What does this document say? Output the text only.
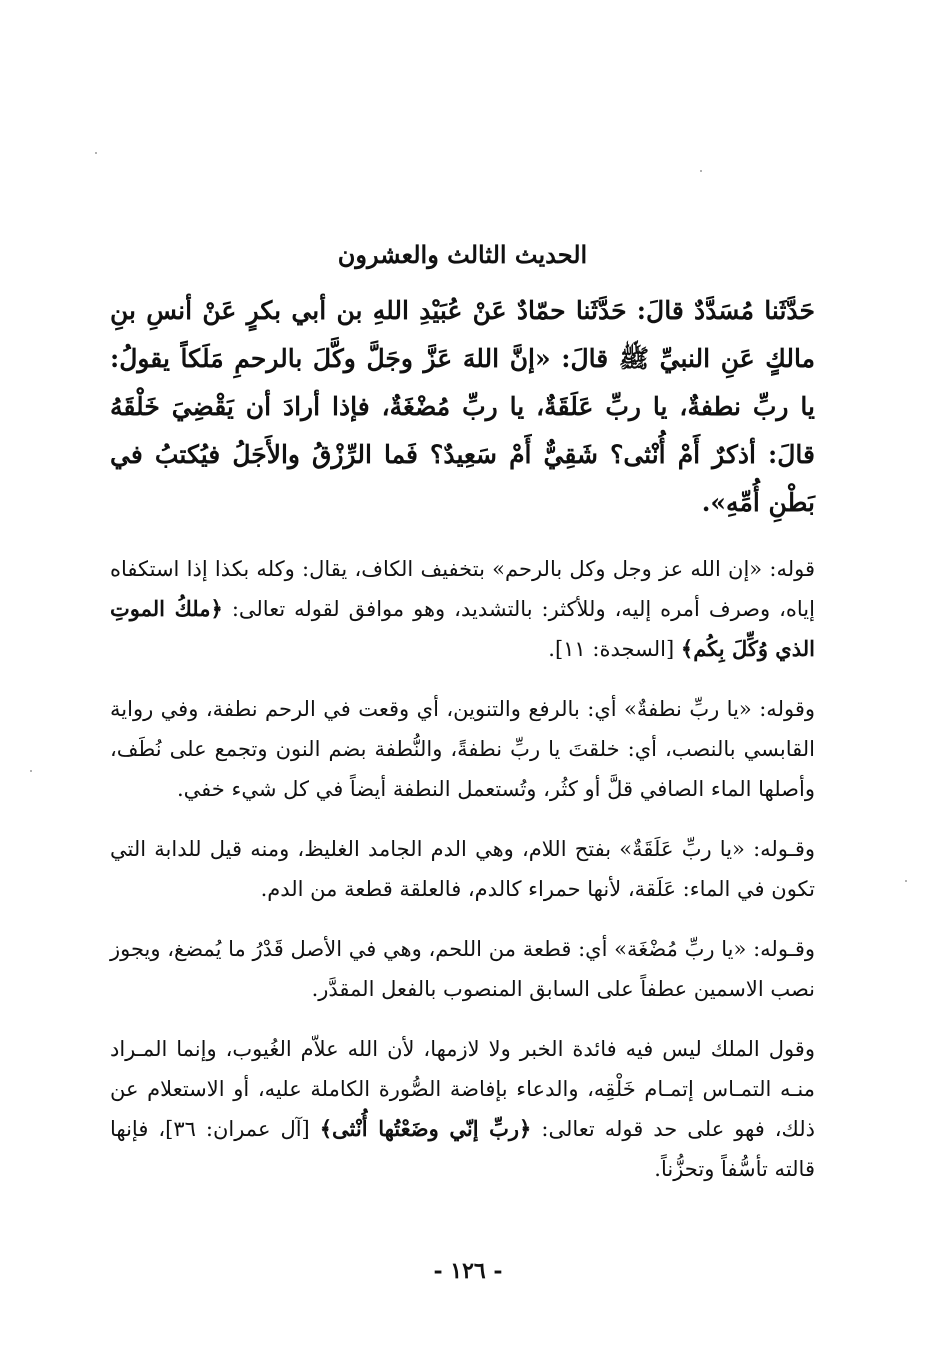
الحديث الثالث والعشرون

حَدَّثَنا مُسَدَّدٌ قالَ: حَدَّثَنا حمّادٌ عَنْ عُبَيْدِ اللهِ بن أبي بكرٍ عَنْ أنسِ بنِ مالكٍ عَنِ النبيِّ ﷺ قالَ: «إنَّ اللهَ عَزَّ وجَلَّ وكَّلَ بالرحمِ مَلَكاً يقولُ: يا ربِّ نطفةٌ، يا ربِّ عَلَقَةٌ، يا ربِّ مُضْغَةٌ، فإذا أرادَ أن يَقْضِيَ خَلْقَهُ قالَ: أذكرٌ أَمْ أُنْثى؟ شَقِيٌّ أَمْ سَعِيدٌ؟ فَما الرِّزْقُ والأَجَلُ فيُكتبُ في بَطْنِ أُمِّهِ».

قوله: «إن الله عز وجل وكل بالرحم» بتخفيف الكاف، يقال: وكله بكذا إذا استكفاه إياه، وصرف أمره إليه، وللأكثر: بالتشديد، وهو موافق لقوله تعالى: ﴿ملكُ الموتِ الذي وُكِّلَ بِكُم﴾ [السجدة: ١١].

وقوله: «يا ربِّ نطفةٌ» أي: بالرفع والتنوين، أي وقعت في الرحم نطفة، وفي رواية القابسي بالنصب، أي: خلقتَ يا ربِّ نطفةً، والنُّطفة بضم النون وتجمع على نُطَف، وأصلها الماء الصافي قلَّ أو كثُر، وتُستعمل النطفة أيضاً في كل شيء خفي.

وقـوله: «يا ربِّ عَلَقَةٌ» بفتح اللام، وهي الدم الجامد الغليظ، ومنه قيل للدابة التي تكون في الماء: عَلَقة، لأنها حمراء كالدم، فالعلقة قطعة من الدم.

وقـوله: «يا ربِّ مُضْغَة» أي: قطعة من اللحم، وهي في الأصل قَدْرُ ما يُمضغ، ويجوز نصب الاسمين عطفاً على السابق المنصوب بالفعل المقدَّر.

وقول الملك ليس فيه فائدة الخبر ولا لازمها، لأن الله علاّم الغُيوب، وإنما المـراد منـه التمـاس إتمـام خَلْقِه، والدعاء بإفاضة الصُّورة الكاملة عليه، أو الاستعلام عن ذلك، فهو على حد قوله تعالى: ﴿ربِّ إنّي وضَعْتُها أُنْثى﴾ [آل عمران: ٣٦]، فإنها قالته تأسُّفاً وتحزُّناً.

- ١٢٦ -
